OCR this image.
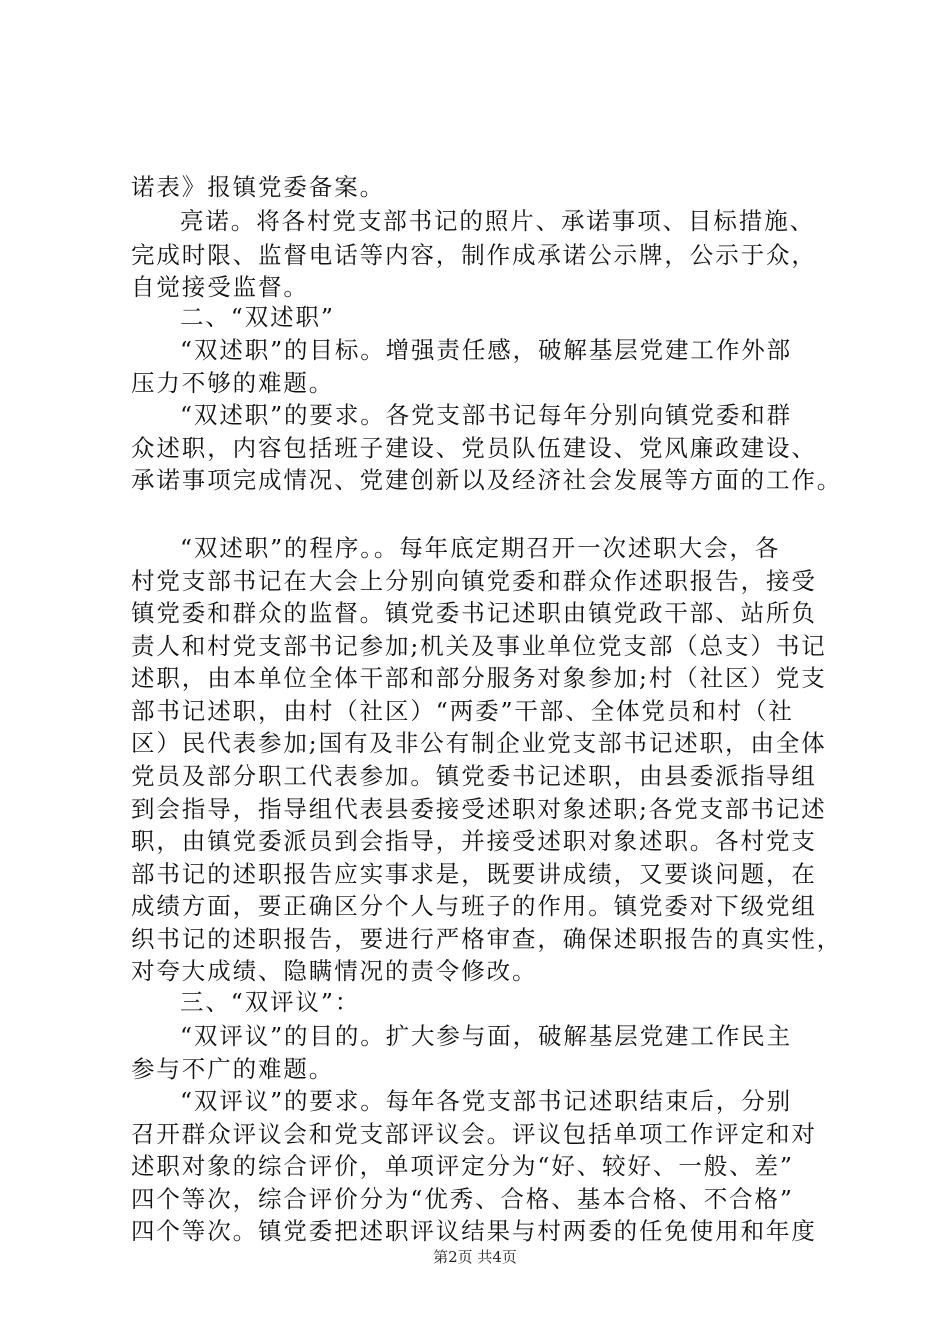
诺表》报镇党委备案。
亮诺。将各村党支部书记的照片、承诺事项、目标措施、
完成时限、监督电话等内容，制作成承诺公示牌，公示于众，
自觉接受监督。
二、“双述职”
“双述职”的目标。增强责任感，破解基层党建工作外部
压力不够的难题。
“双述职”的要求。各党支部书记每年分别向镇党委和群
众述职，内容包括班子建设、党员队伍建设、党风廉政建设、
承诺事项完成情况、党建创新以及经济社会发展等方面的工作。
“双述职”的程序。。每年底定期召开一次述职大会，各
村党支部书记在大会上分别向镇党委和群众作述职报告，接受
镇党委和群众的监督。镇党委书记述职由镇党政干部、站所负
责人和村党支部书记参加;机关及事业单位党支部（总支）书记
述职，由本单位全体干部和部分服务对象参加;村（社区）党支
部书记述职，由村（社区）“两委”干部、全体党员和村（社
区）民代表参加;国有及非公有制企业党支部书记述职，由全体
党员及部分职工代表参加。镇党委书记述职，由县委派指导组
到会指导，指导组代表县委接受述职对象述职;各党支部书记述
职，由镇党委派员到会指导，并接受述职对象述职。各村党支
部书记的述职报告应实事求是，既要讲成绩，又要谈问题，在
成绩方面，要正确区分个人与班子的作用。镇党委对下级党组
织书记的述职报告，要进行严格审查，确保述职报告的真实性，
对夸大成绩、隐瞒情况的责令修改。
三、“双评议”：
“双评议”的目的。扩大参与面，破解基层党建工作民主
参与不广的难题。
“双评议”的要求。每年各党支部书记述职结束后，分别
召开群众评议会和党支部评议会。评议包括单项工作评定和对
述职对象的综合评价，单项评定分为“好、较好、一般、差”
四个等次，综合评价分为“优秀、合格、基本合格、不合格”
四个等次。镇党委把述职评议结果与村两委的任免使用和年度
第2页 共4页
